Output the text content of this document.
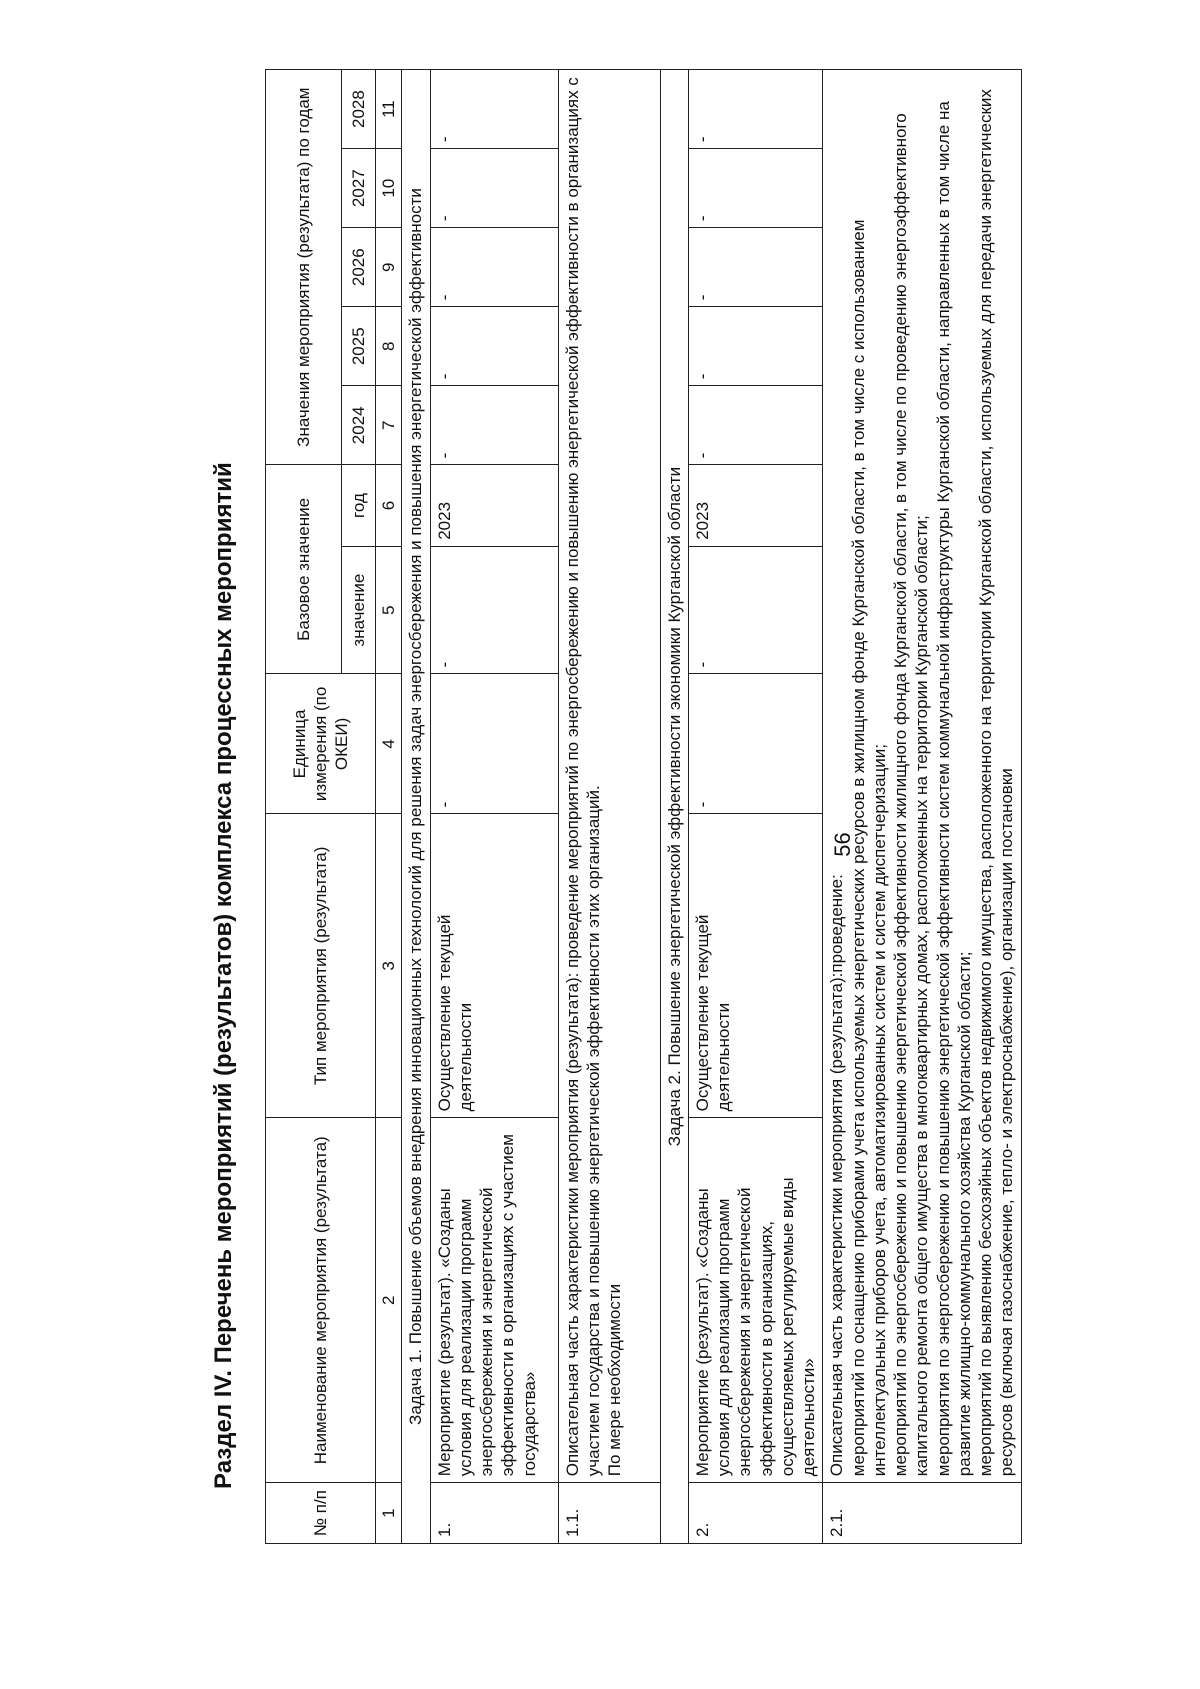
56
Раздел IV. Перечень мероприятий (результатов) комплекса процессных мероприятий
№ п/п	Наименование мероприятия (результата)	Тип мероприятия (результата)	Единица измерения (по ОКЕИ)	Базовое значение		Значения мероприятия (результата) по годам				
				значение	год	2024	2025	2026	2027	2028
1	2	3	4	5	6	7	8	9	10	11
Задача 1. Повышение объемов внедрения инновационных технологий для решения задач энергосбережения и повышения энергетической эффективности										
1.	Мероприятие (результат). «Созданы условия для реализации программ энергосбережения и энергетической эффективности в организациях с участием государства»	Осуществление текущей деятельности	-	-	2023	-	-	-	-	-
1.1.	Описательная часть характеристики мероприятия (результата): проведение мероприятий по энергосбережению и повышению энергетической эффективности в организациях с участием государства и повышению энергетической эффективности этих организаций. По мере необходимости									

Задача 2. Повышение энергетической эффективности экономики Курганской области										
2.	Мероприятие (результат). «Созданы условия для реализации программ энергосбережения и энергетической эффективности в организациях, осуществляемых регулируемые виды деятельности»	Осуществление текущей деятельности	-	-	2023	-	-	-	-	-
2.1.	Описательная часть характеристики мероприятия (результата):проведение: мероприятий по оснащению приборами учета используемых энергетических ресурсов в жилищном фонде Курганской области, в том числе с использованием интеллектуальных приборов учета, автоматизированных систем и систем диспетчеризации; мероприятий по энергосбережению и повышению энергетической эффективности жилищного фонда Курганской области, в том числе по проведению энергоэффективного капитального ремонта общего имущества в многоквартирных домах, расположенных на территории Курганской области; мероприятия по энергосбережению и повышению энергетической эффективности систем коммунальной инфраструктуры Курганской области, направленных в том числе на развитие жилищно-коммунального хозяйства Курганской области; мероприятий по выявлению бесхозяйных объектов недвижимого имущества, расположенного на территории Курганской области, используемых для передачи энергетических ресурсов (включая газоснабжение, тепло- и электроснабжение), организации постановки									
